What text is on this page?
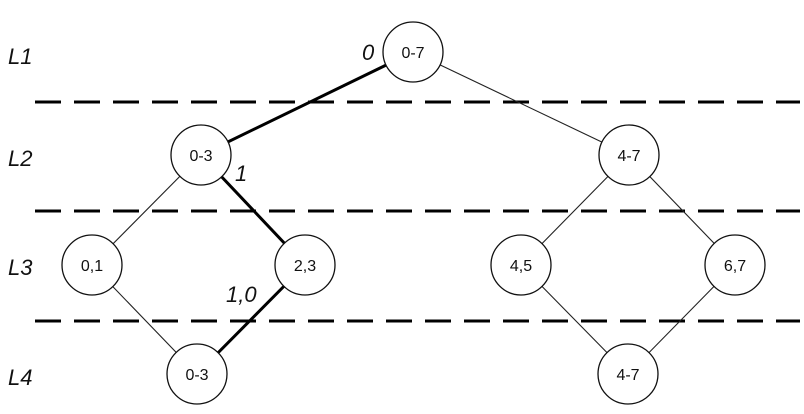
L1
L2
L3
L4
0-7
0-3	4-7
0,1	2,3	4,5	6,7
0-3	4-7
0
1
1,0
